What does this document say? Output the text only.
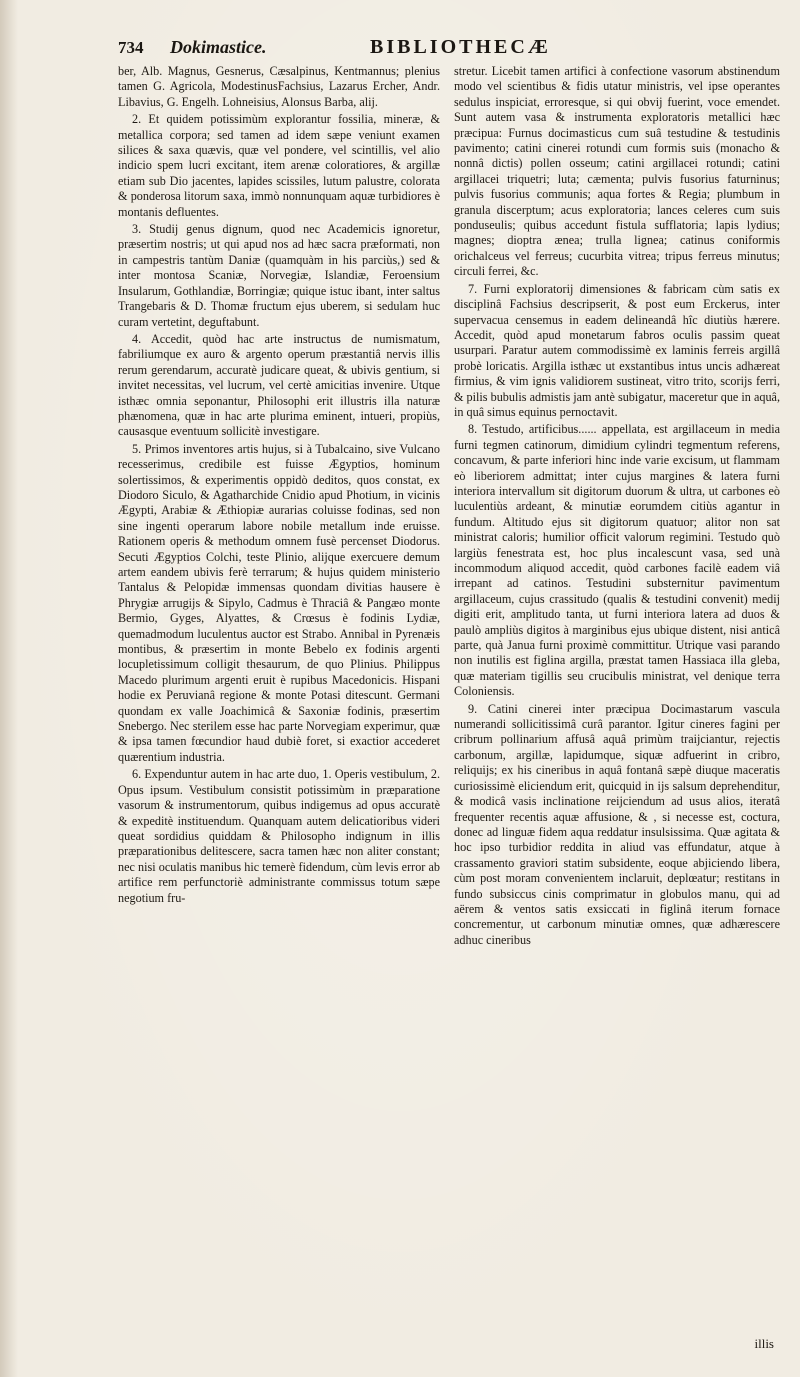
734 Dokimastice.	BIBLIOTHECÆ

ber, Alb. Magnus, Gesnerus, Cæsalpinus, Kentmannus; plenius tamen G. Agricola, ModestinusFachsius, Lazarus Ercher, Andr. Libavius, G. Engelh. Lohneisius, Alonsus Barba, alij.

2. Et quidem potissimùm explorantur fossilia, mineræ, & metallica corpora; sed tamen ad idem sæpe veniunt examen silices & saxa quævis, quæ vel pondere, vel scintillis, vel alio indicio spem lucri excitant, item arenæ coloratiores, & argillæ etiam sub Dio jacentes, lapides scissiles, lutum palustre, colorata & ponderosa litorum saxa, immò nonnunquam aquæ turbidiores è montanis defluentes.

3. Studij genus dignum, quod nec Academicis ignoretur, præsertim nostris; ut qui apud nos ad hæc sacra præformati, non in campestris tantùm Daniæ (quamquàm in his parciùs,) sed & inter montosa Scaniæ, Norvegiæ, Islandiæ, Feroensium Insularum, Gothlandiæ, Borringiæ; quique istuc ibant, inter saltus Trangebaris & D. Thomæ fructum ejus uberem, si sedulam huc curam vertetint, deguftabunt.

4. Accedit, quòd hac arte instructus de numismatum, fabriliumque ex auro & argento operum præstantiâ nervis illis rerum gerendarum, accuratè judicare queat, & ubivis gentium, si invitet necessitas, vel lucrum, vel certè amicitias invenire. Utque isthæc omnia seponantur, Philosophi erit illustris illa naturæ phænomena, quæ in hac arte plurima eminent, intueri, propiùs, causasque eventuum sollicitè investigare.

5. Primos inventores artis hujus, si à Tubalcaino, sive Vulcano recesserimus, credibile est fuisse Ægyptios, hominum solertissimos, & experimentis oppidò deditos, quos constat, ex Diodoro Siculo, & Agatharchide Cnidio apud Photium, in vicinis Ægypti, Arabiæ & Æthiopiæ aurarias coluisse fodinas, sed non sine ingenti operarum labore nobile metallum inde eruisse. Rationem operis & methodum omnem fusè percenset Diodorus. Secuti Ægyptios Colchi, teste Plinio, alijque exercuere demum artem eandem ubivis ferè terrarum; & hujus quidem ministerio Tantalus & Pelopidæ immensas quondam divitias hausere è Phrygiæ arrugijs & Sipylo, Cadmus è Thraciâ & Pangæo monte Bermio, Gyges, Alyattes, & Crœsus è fodinis Lydiæ, quemadmodum luculentus auctor est Strabo. Annibal in Pyrenæis montibus, & præsertim in monte Bebelo ex fodinis argenti locupletissimum colligit thesaurum, de quo Plinius. Philippus Macedo plurimum argenti eruit è rupibus Macedonicis. Hispani hodie ex Peruvianâ regione & monte Potasi ditescunt. Germani quondam ex valle Joachimicâ & Saxoniæ fodinis, præsertim Snebergo. Nec sterilem esse hac parte Norvegiam experimur, quæ & ipsa tamen fœcundior haud dubiè foret, si exactior accederet quærentium industria.

6. Expenduntur autem in hac arte duo, 1. Operis vestibulum, 2. Opus ipsum. Vestibulum consistit potissimùm in præparatione vasorum & instrumentorum, quibus indigemus ad opus accuratè & expeditè instituendum. Quanquam autem delicatioribus videri queat sordidius quiddam & Philosopho indignum in illis præparationibus delitescere, sacra tamen hæc non aliter constant; nec nisi oculatis manibus hic temerè fidendum, cùm levis error ab artifice rem perfunctoriè administrante commissus totum sæpe negotium fru-

stretur. Licebit tamen artifici à confectione vasorum abstinendum modo vel scientibus & fidis utatur ministris, vel ipse operantes sedulus inspiciat, erroresque, si qui obvij fuerint, voce emendet. Sunt autem vasa & instrumenta exploratoris metallici hæc præcipua: Furnus docimasticus cum suâ testudine & testudinis pavimento; catini cinerei rotundi cum formis suis (monacho & nonnâ dictis) pollen osseum; catini argillacei rotundi; catini argillacei triquetri; luta; cæmenta; pulvis fusorius faturninus; pulvis fusorius communis; aqua fortes & Regia; plumbum in granula discerptum; acus exploratoria; lances celeres cum suis ponduseulis; quibus accedunt fistula sufflatoria; lapis lydius; magnes; dioptra ænea; trulla lignea; catinus coniformis orichalceus vel ferreus; cucurbita vitrea; tripus ferreus minutus; circuli ferrei, &c.

7. Furni exploratorij dimensiones & fabricam cùm satis ex disciplinâ Fachsius descripserit, & post eum Erckerus, inter supervacua censemus in eadem delineandâ hîc diutiùs hærere. Accedit, quòd apud monetarum fabros oculis passim queat usurpari. Paratur autem commodissimè ex laminis ferreis argillâ probè loricatis. Argilla isthæc ut exstantibus intus uncis adhæreat firmius, & vim ignis validiorem sustineat, vitro trito, scorijs ferri, & pilis bubulis admistis jam antè subigatur, maceretur que in aquâ, in quâ simus equinus pernoctavit.

8. Testudo, artificibus...... appellata, est argillaceum in media furni tegmen catinorum, dimidium cylindri tegmentum referens, concavum, & parte inferiori hinc inde varie excisum, ut flammam eò liberiorem admittat; inter cujus margines & latera furni interiora intervallum sit digitorum duorum & ultra, ut carbones eò luculentiùs ardeant, & minutiæ eorumdem citiùs agantur in fundum. Altitudo ejus sit digitorum quatuor; alitor non sat ministrat caloris; humilior officit valorum regimini. Testudo quò largiùs fenestrata est, hoc plus incalescunt vasa, sed unà incommodum aliquod accedit, quòd carbones facilè eadem viâ irrepant ad catinos. Testudini substernitur pavimentum argillaceum, cujus crassitudo (qualis & testudini convenit) medij digiti erit, amplitudo tanta, ut furni interiora latera ad duos & paulò ampliùs digitos à marginibus ejus ubique distent, nisi anticâ parte, quà Janua furni proximè committitur. Utrique vasi parando non inutilis est figlina argilla, præstat tamen Hassiaca illa gleba, quæ materiam tigillis seu crucibulis ministrat, vel denique terra Coloniensis.

9. Catini cinerei inter præcipua Docimastarum vascula numerandi sollicitissimâ curâ parantor. Igitur cineres fagini per cribrum pollinarium affusâ aquâ primùm traijciantur, rejectis carbonum, argillæ, lapidumque, siquæ adfuerint in cribro, reliquijs; ex his cineribus in aquâ fontanâ sæpè diuque maceratis curiosissimè eliciendum erit, quicquid in ijs salsum deprehenditur, & modicâ vasis inclinatione reijciendum ad usus alios, iteratâ frequenter recentis aquæ affusione, & , si necesse est, coctura, donec ad linguæ fidem aqua reddatur insulsissima. Quæ agitata & hoc ipso turbidior reddita in aliud vas effundatur, atque à crassamento graviori statim subsidente, eoque abjiciendo libera, cùm post moram convenientem inclaruit, deplœatur; restitans in fundo subsiccus cinis comprimatur in globulos manu, qui ad aërem & ventos satis exsiccati in figlinâ iterum fornace concrementur, ut carbonum minutiæ omnes, quæ adhærescere adhuc cineribus

illis
